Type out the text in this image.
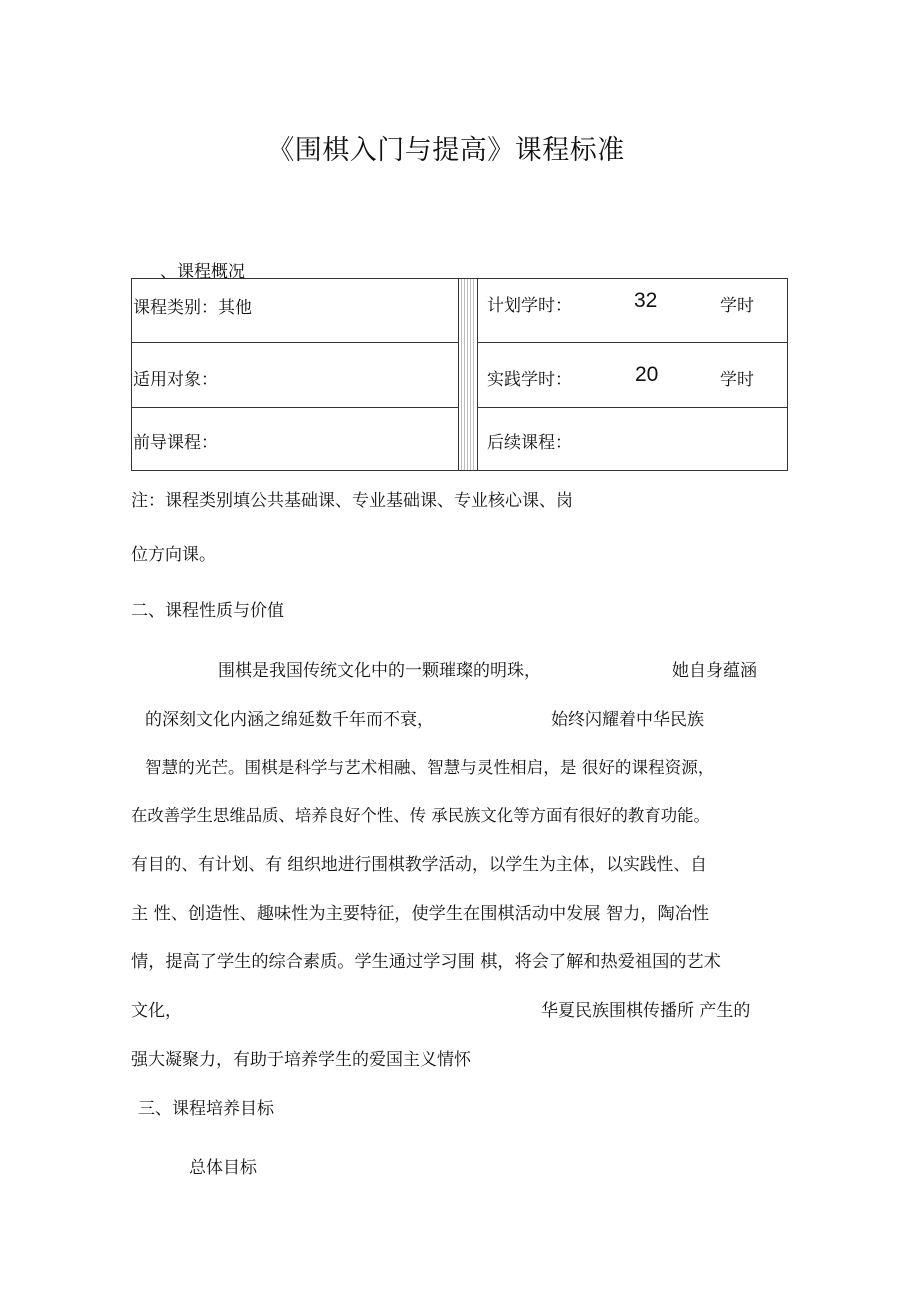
《围棋入门与提高》课程标准
、课程概况
课程类别：其他	计划学时：	32	学时
适用对象：	实践学时：	20	学时
前导课程：	后续课程：
注：课程类别填公共基础课、专业基础课、专业核心课、岗
位方向课。
二、课程性质与价值
围棋是我国传统文化中的一颗璀璨的明珠，	她自身蕴涵
的深刻文化内涵之绵延数千年而不衰，	始终闪耀着中华民族
智慧的光芒。围棋是科学与艺术相融、智慧与灵性相启，是 很好的课程资源，
在改善学生思维品质、培养良好个性、传 承民族文化等方面有很好的教育功能。
有目的、有计划、有 组织地进行围棋教学活动，以学生为主体，以实践性、自
主 性、创造性、趣味性为主要特征，使学生在围棋活动中发展 智力，陶冶性
情，提高了学生的综合素质。学生通过学习围 棋，将会了解和热爱祖国的艺术
文化，	华夏民族围棋传播所 产生的
强大凝聚力，有助于培养学生的爱国主义情怀
三、课程培养目标
总体目标
